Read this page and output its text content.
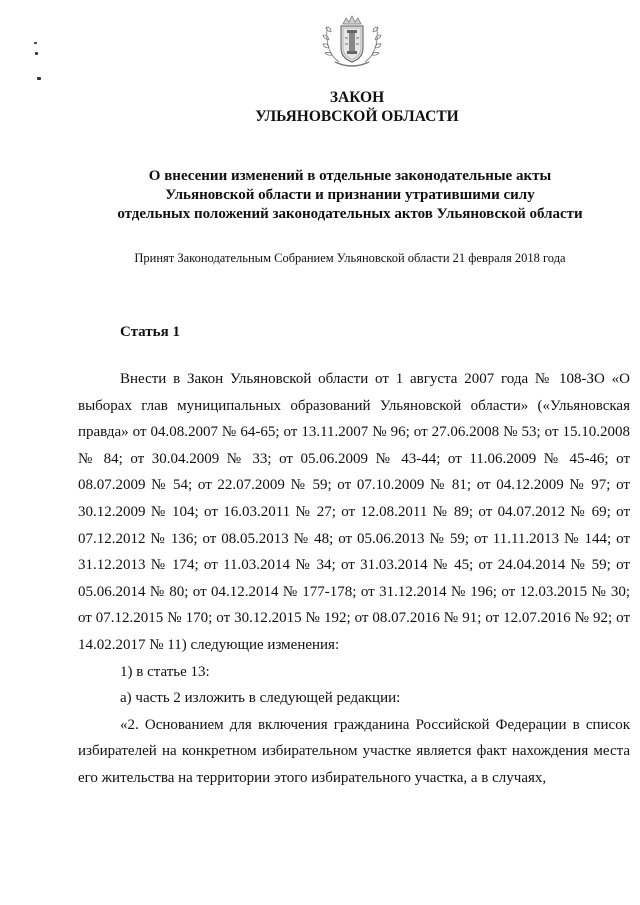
ЗАКОН
УЛЬЯНОВСКОЙ ОБЛАСТИ
О внесении изменений в отдельные законодательные акты
Ульяновской области и признании утратившими силу
отдельных положений законодательных актов Ульяновской области
Принят Законодательным Собранием Ульяновской области 21 февраля 2018 года
Статья 1

Внести в Закон Ульяновской области от 1 августа 2007 года № 108-ЗО «О выборах глав муниципальных образований Ульяновской области» («Ульяновская правда» от 04.08.2007 № 64-65; от 13.11.2007 № 96; от 27.06.2008 № 53; от 15.10.2008 № 84; от 30.04.2009 № 33; от 05.06.2009 № 43-44; от 11.06.2009 № 45-46; от 08.07.2009 № 54; от 22.07.2009 № 59; от 07.10.2009 № 81; от 04.12.2009 № 97; от 30.12.2009 № 104; от 16.03.2011 № 27; от 12.08.2011 № 89; от 04.07.2012 № 69; от 07.12.2012 № 136; от 08.05.2013 № 48; от 05.06.2013 № 59; от 11.11.2013 № 144; от 31.12.2013 № 174; от 11.03.2014 № 34; от 31.03.2014 № 45; от 24.04.2014 № 59; от 05.06.2014 № 80; от 04.12.2014 № 177-178; от 31.12.2014 № 196; от 12.03.2015 № 30; от 07.12.2015 № 170; от 30.12.2015 № 192; от 08.07.2016 № 91; от 12.07.2016 № 92; от 14.02.2017 № 11) следующие изменения:

1) в статье 13:

а) часть 2 изложить в следующей редакции:

«2. Основанием для включения гражданина Российской Федерации в список избирателей на конкретном избирательном участке является факт нахождения места его жительства на территории этого избирательного участка, а в случаях,
